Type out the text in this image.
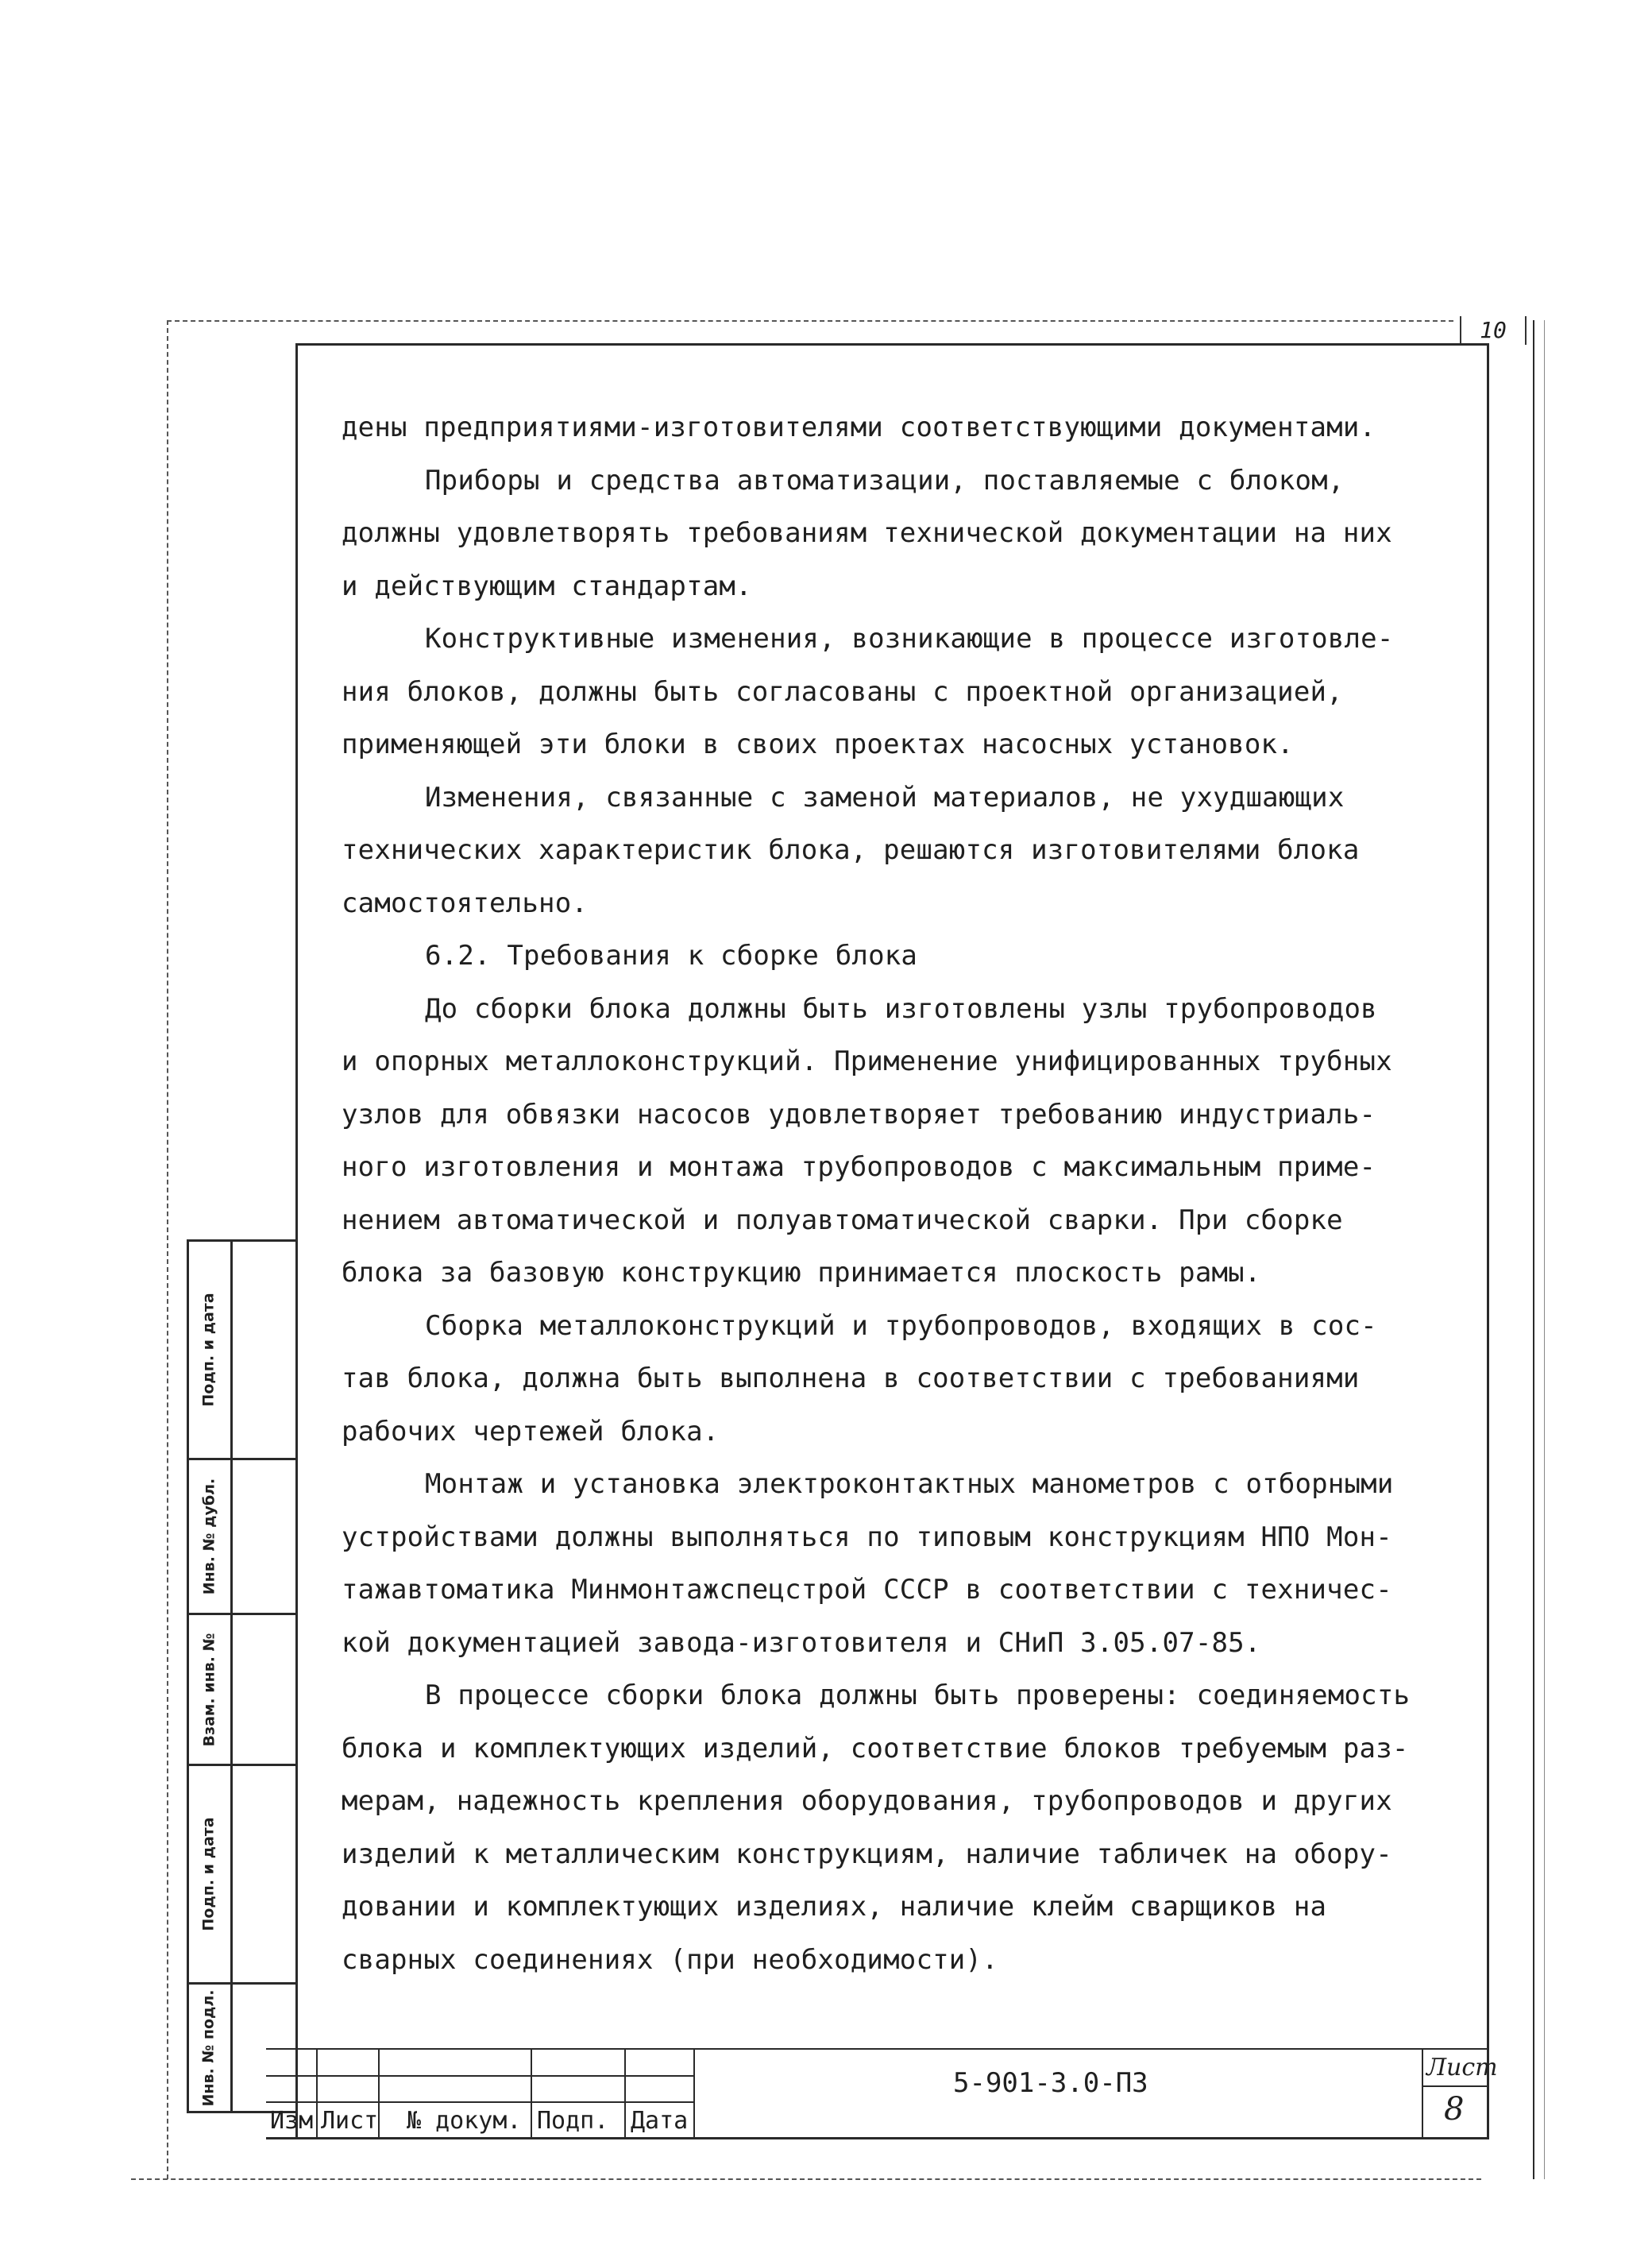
10

дены предприятиями-изготовителями соответствующими документами.

Приборы и средства автоматизации, поставляемые с блоком,

должны удовлетворять требованиям технической документации на них

и действующим стандартам.

Конструктивные изменения, возникающие в процессе изготовле-

ния блоков, должны быть согласованы с проектной организацией,

применяющей эти блоки в своих проектах насосных установок.

Изменения, связанные с заменой материалов, не ухудшающих

технических характеристик блока, решаются изготовителями блока

самостоятельно.

6.2. Требования к сборке блока

До сборки блока должны быть изготовлены узлы трубопроводов

и опорных металлоконструкций. Применение унифицированных трубных

узлов для обвязки насосов удовлетворяет требованию индустриаль-

ного изготовления и монтажа трубопроводов с максимальным приме-

нением автоматической и полуавтоматической сварки. При сборке

блока за базовую конструкцию принимается плоскость рамы.

Сборка металлоконструкций и трубопроводов, входящих в сос-

тав блока, должна быть выполнена в соответствии с требованиями

рабочих чертежей блока.

Монтаж и установка электроконтактных манометров с отборными

устройствами должны выполняться по типовым конструкциям НПО Мон-

тажавтоматика Минмонтажспецстрой СССР в соответствии с техничес-

кой документацией завода-изготовителя и СНиП 3.05.07-85.

В процессе сборки блока должны быть проверены: соединяемость

блока и комплектующих изделий, соответствие блоков требуемым раз-

мерам, надежность крепления оборудования, трубопроводов и других

изделий к металлическим конструкциям, наличие табличек на обору-

довании и комплектующих изделиях, наличие клейм сварщиков на

сварных соединениях (при необходимости).

Подп. и дата
Инв. № дубл.
Взам. инв. №
Подп. и дата
Инв. № подл.
Изм Лист № докум. Подп. Дата
5-901-3.0-ПЗ	Лист
8
